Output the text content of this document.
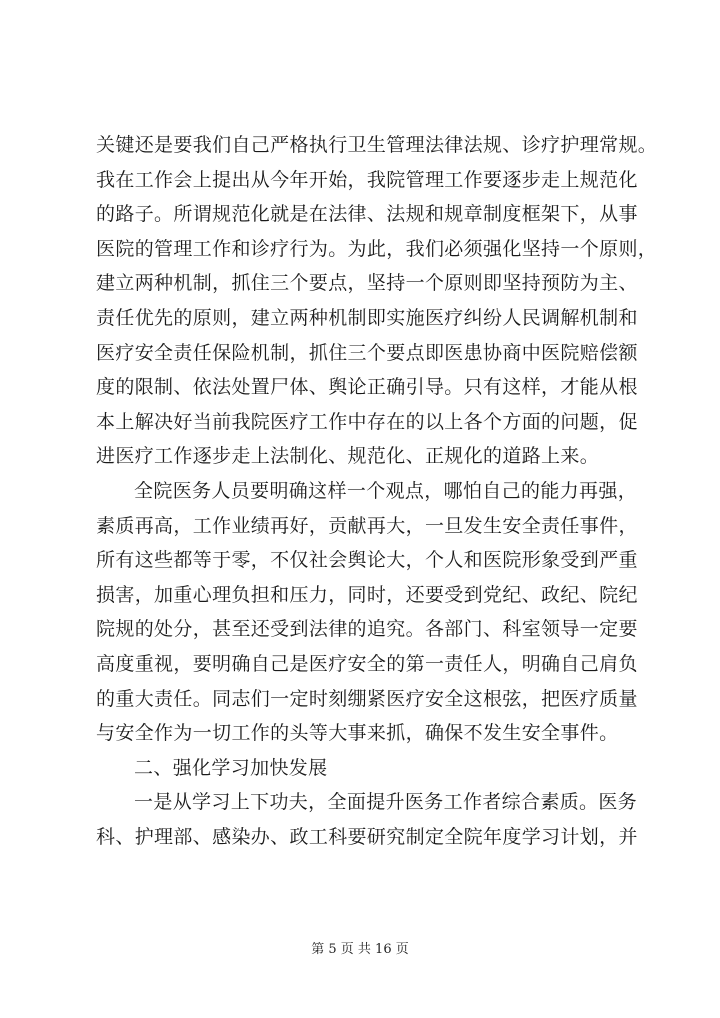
关键还是要我们自己严格执行卫生管理法律法规、诊疗护理常规。
我在工作会上提出从今年开始，我院管理工作要逐步走上规范化
的路子。所谓规范化就是在法律、法规和规章制度框架下，从事
医院的管理工作和诊疗行为。为此，我们必须强化坚持一个原则，
建立两种机制，抓住三个要点，坚持一个原则即坚持预防为主、
责任优先的原则，建立两种机制即实施医疗纠纷人民调解机制和
医疗安全责任保险机制，抓住三个要点即医患协商中医院赔偿额
度的限制、依法处置尸体、舆论正确引导。只有这样，才能从根
本上解决好当前我院医疗工作中存在的以上各个方面的问题，促
进医疗工作逐步走上法制化、规范化、正规化的道路上来。
全院医务人员要明确这样一个观点，哪怕自己的能力再强，
素质再高，工作业绩再好，贡献再大，一旦发生安全责任事件，
所有这些都等于零，不仅社会舆论大，个人和医院形象受到严重
损害，加重心理负担和压力，同时，还要受到党纪、政纪、院纪
院规的处分，甚至还受到法律的追究。各部门、科室领导一定要
高度重视，要明确自己是医疗安全的第一责任人，明确自己肩负
的重大责任。同志们一定时刻绷紧医疗安全这根弦，把医疗质量
与安全作为一切工作的头等大事来抓，确保不发生安全事件。
二、强化学习加快发展
一是从学习上下功夫，全面提升医务工作者综合素质。医务
科、护理部、感染办、政工科要研究制定全院年度学习计划，并
第 5 页 共 16 页
